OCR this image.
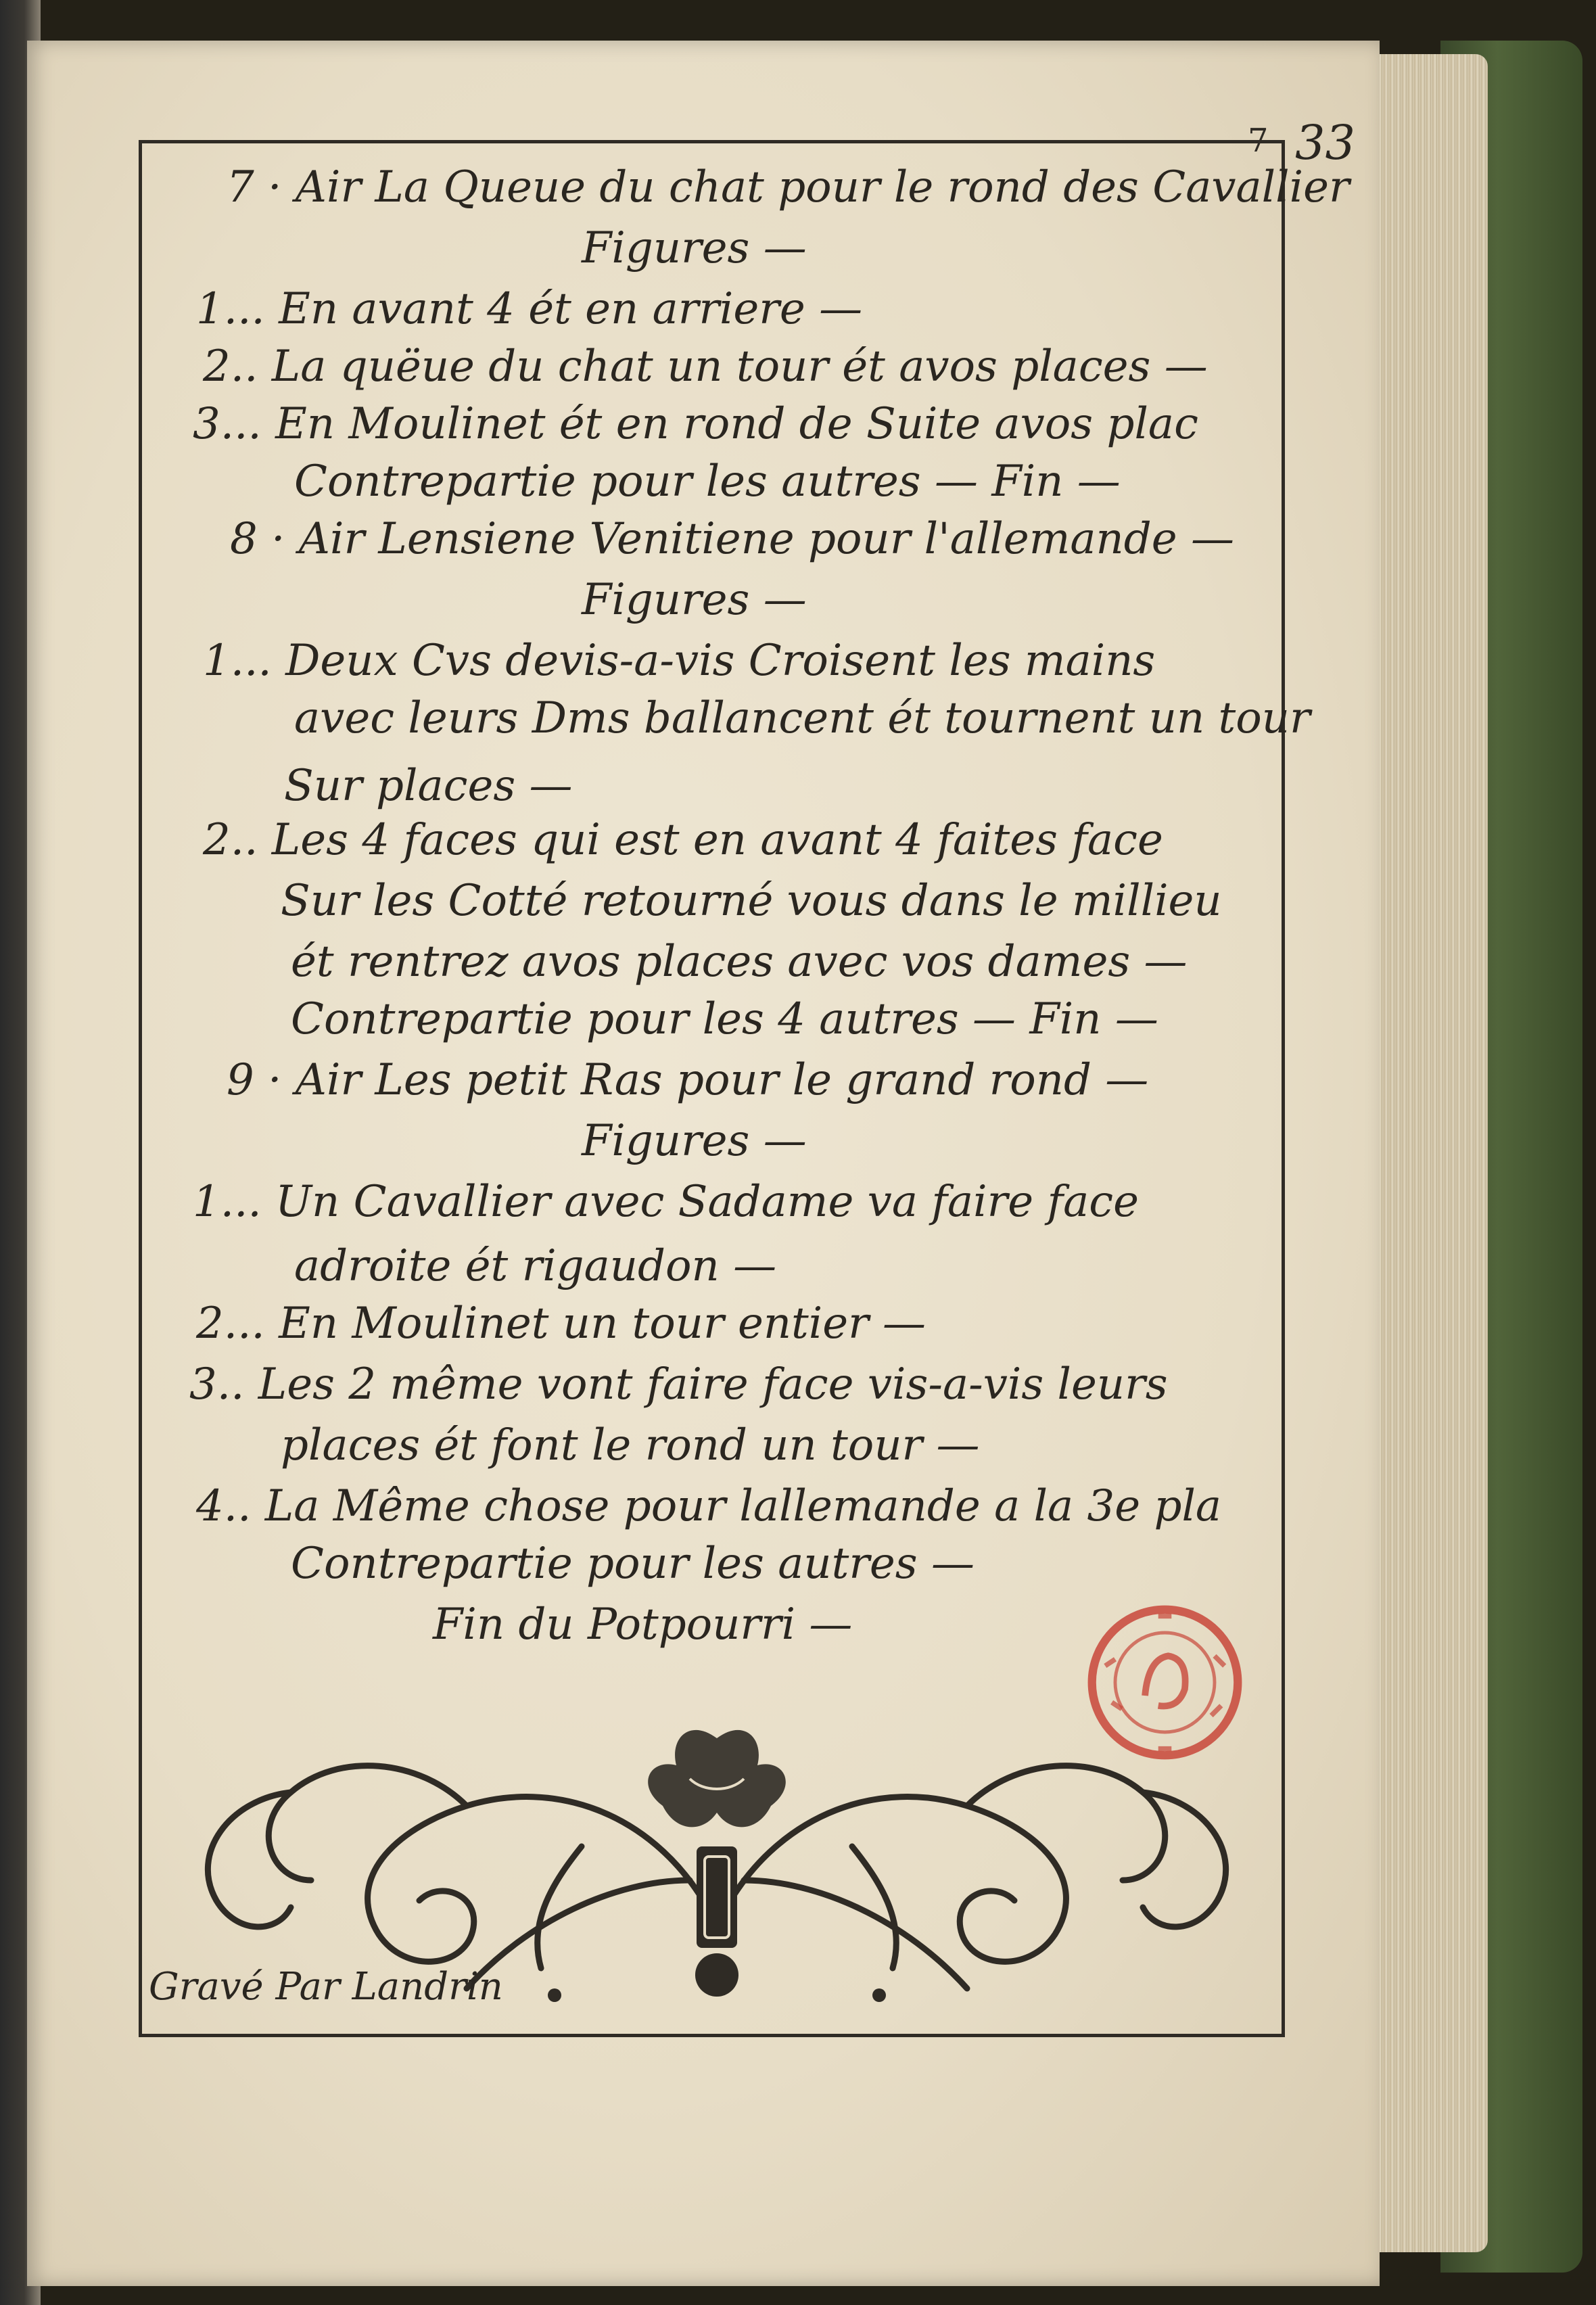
33
7
7 · Air La Queue du chat pour le rond des Cavallier
Figures —
1... En avant 4 ét en arriere —
2.. La quëue du chat un tour ét avos places —
3... En Moulinet ét en rond de Suite avos plac
Contrepartie pour les autres — Fin —
8 · Air Lensiene Venitiene pour l'allemande —
Figures —
1... Deux Cvs devis-a-vis Croisent les mains
avec leurs Dms ballancent ét tournent un tour
Sur places —
2.. Les 4 faces qui est en avant 4 faites face
Sur les Cotté retourné vous dans le millieu
ét rentrez avos places avec vos dames —
Contrepartie pour les 4 autres — Fin —
9 · Air Les petit Ras pour le grand rond —
Figures —
1... Un Cavallier avec Sadame va faire face
adroite ét rigaudon —
2... En Moulinet un tour entier —
3.. Les 2 même vont faire face vis-a-vis leurs
places ét font le rond un tour —
4.. La Même chose pour lallemande a la 3e pla
Contrepartie pour les autres —
Fin du Potpourri —
Gravé Par Landrin
